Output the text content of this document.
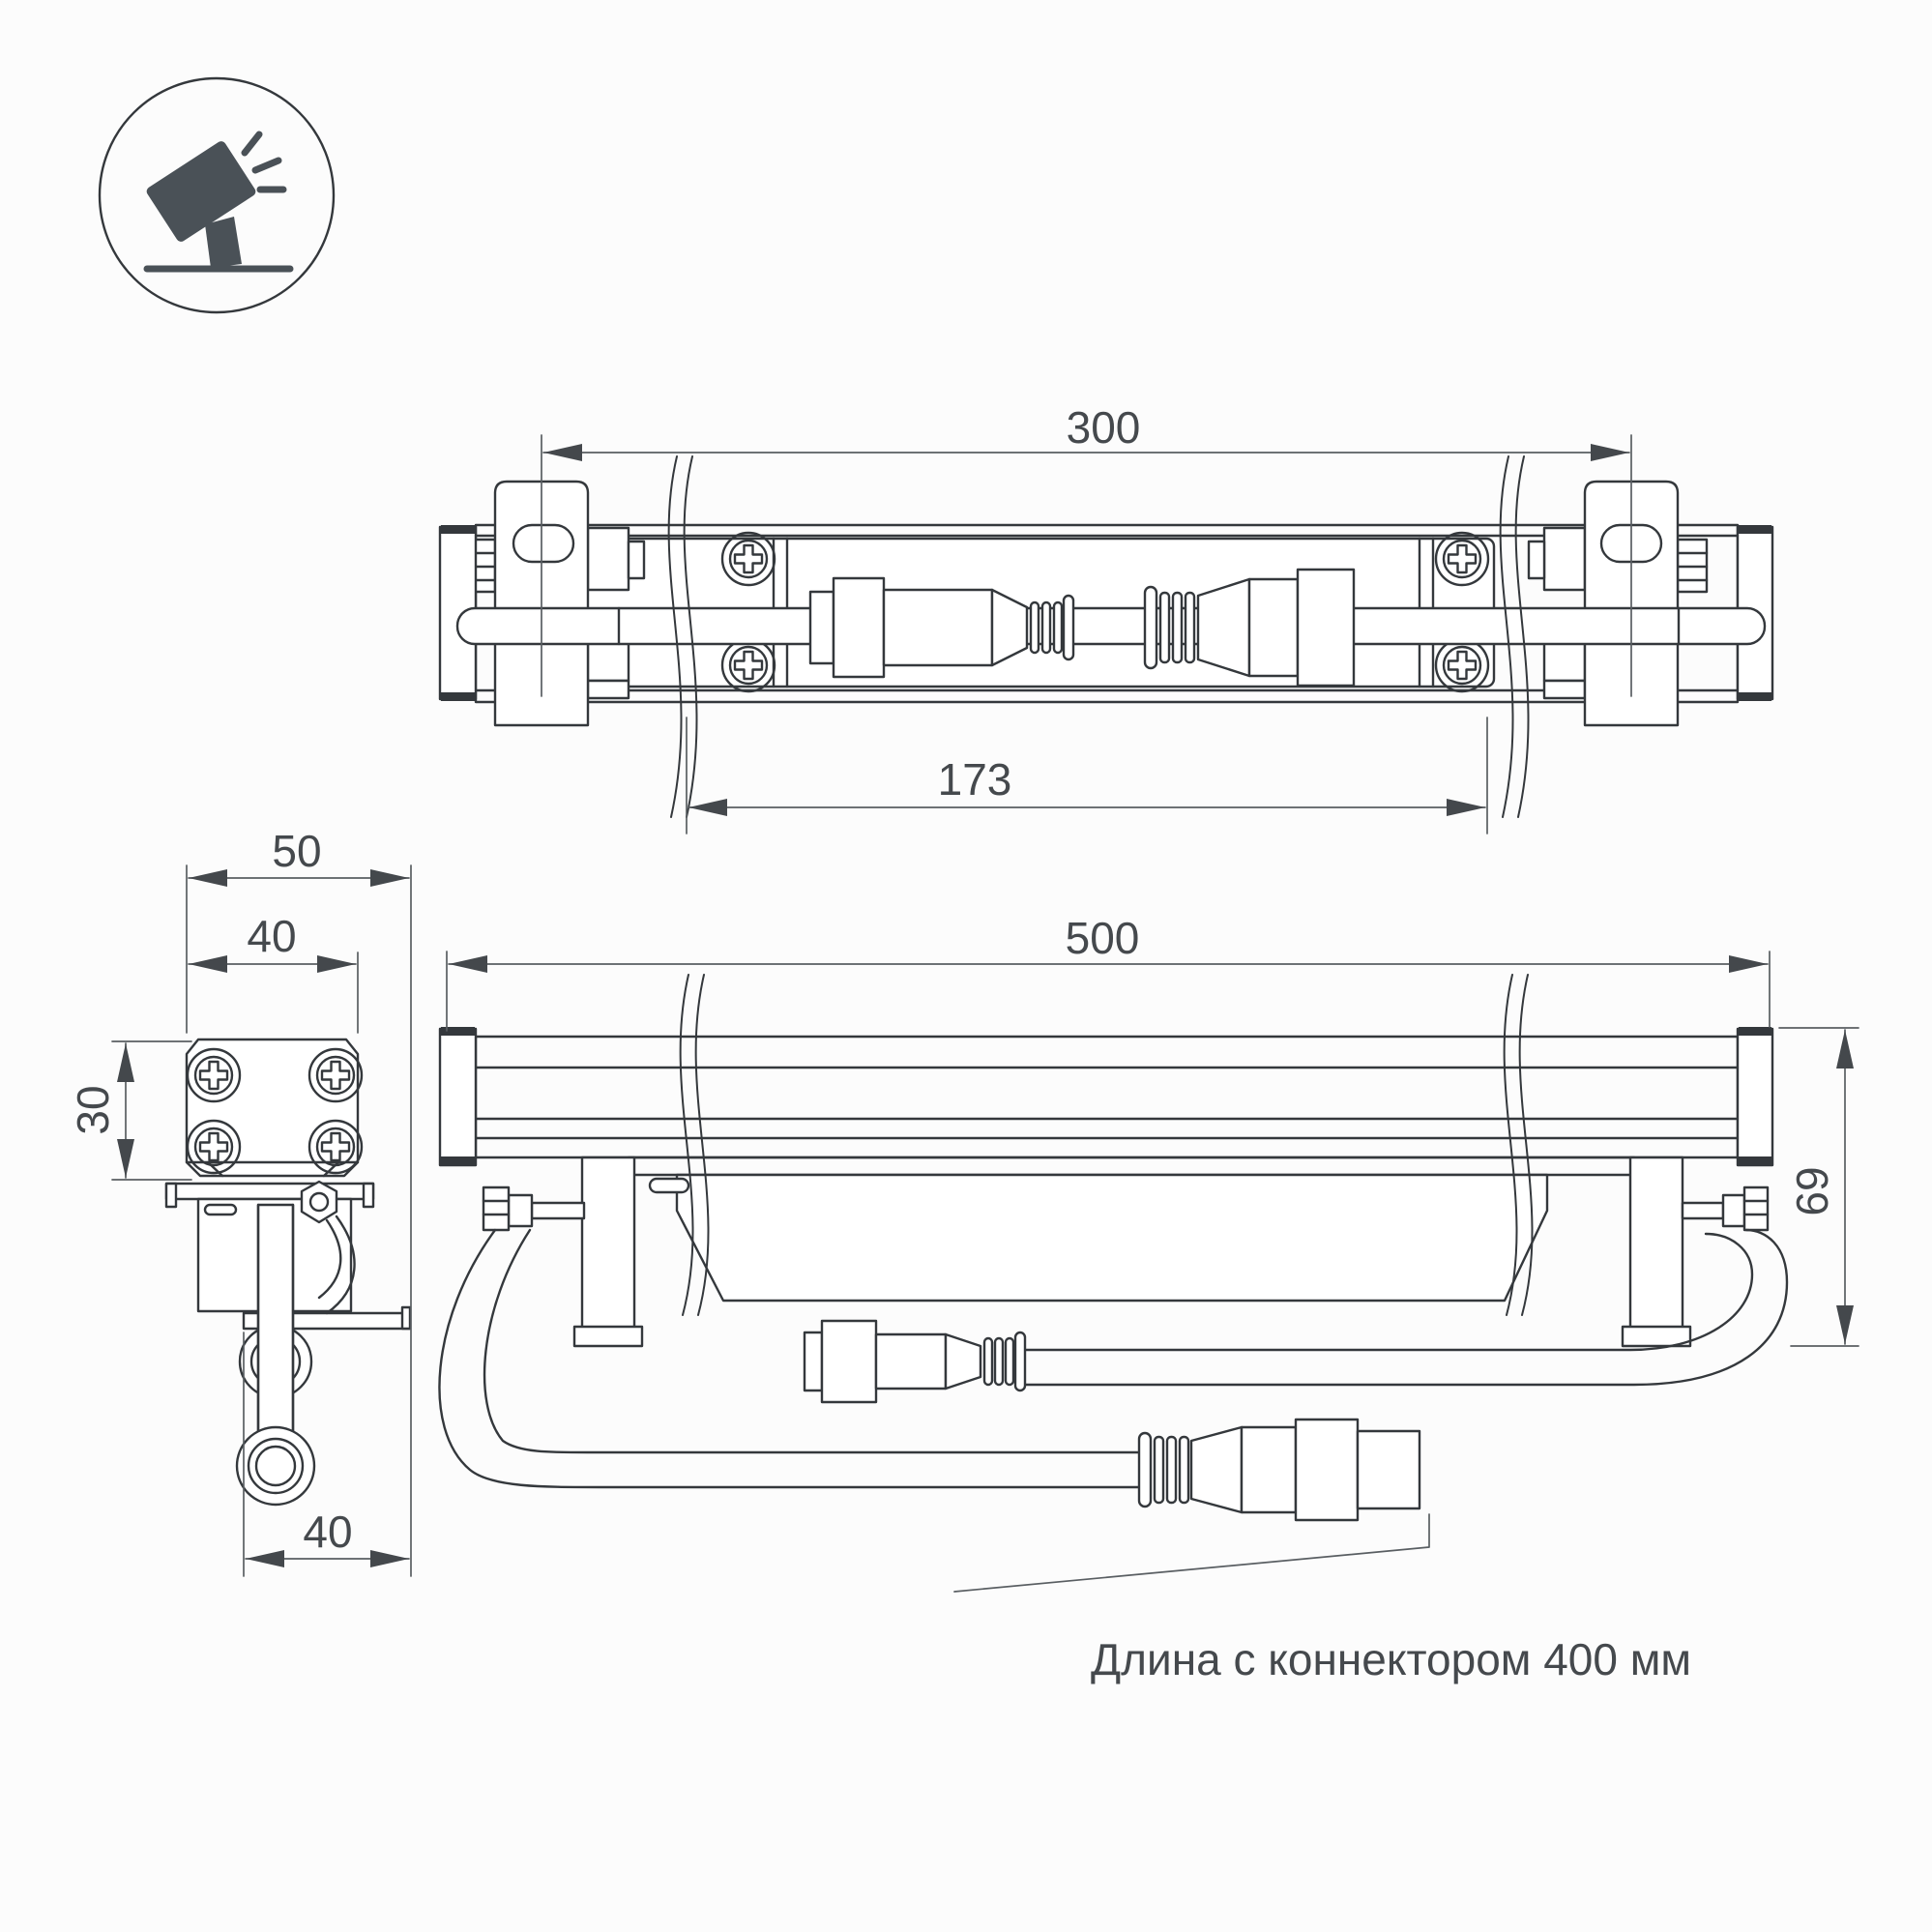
300
173
500
69
Длина с коннектором 400 мм
50
40
30
40
